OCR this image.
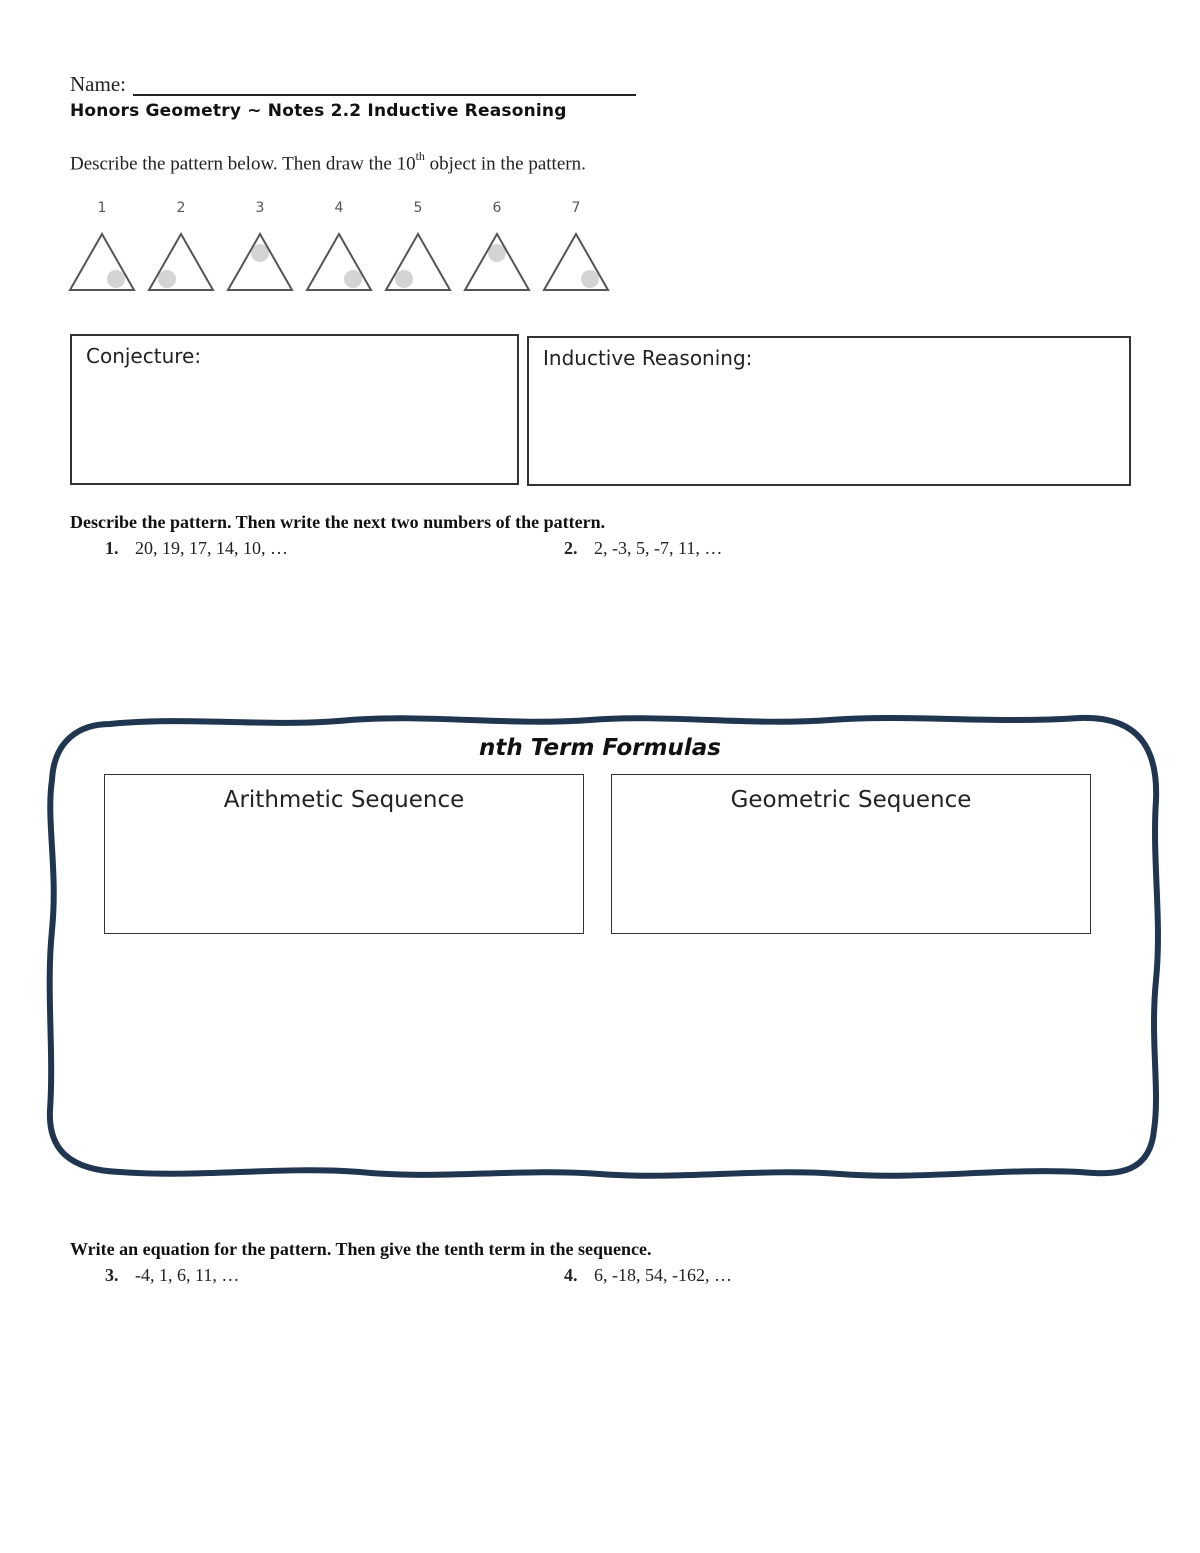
Name:
Honors Geometry ~ Notes 2.2 Inductive Reasoning
Describe the pattern below. Then draw the 10th object in the pattern.
1	2	3	4	5	6	7
Conjecture:	Inductive Reasoning:
Describe the pattern. Then write the next two numbers of the pattern.
1. 20, 19, 17, 14, 10, …	2. 2, -3, 5, -7, 11, …
nth Term Formulas
Arithmetic Sequence	Geometric Sequence
Write an equation for the pattern. Then give the tenth term in the sequence.
3. -4, 1, 6, 11, …	4. 6, -18, 54, -162, …
